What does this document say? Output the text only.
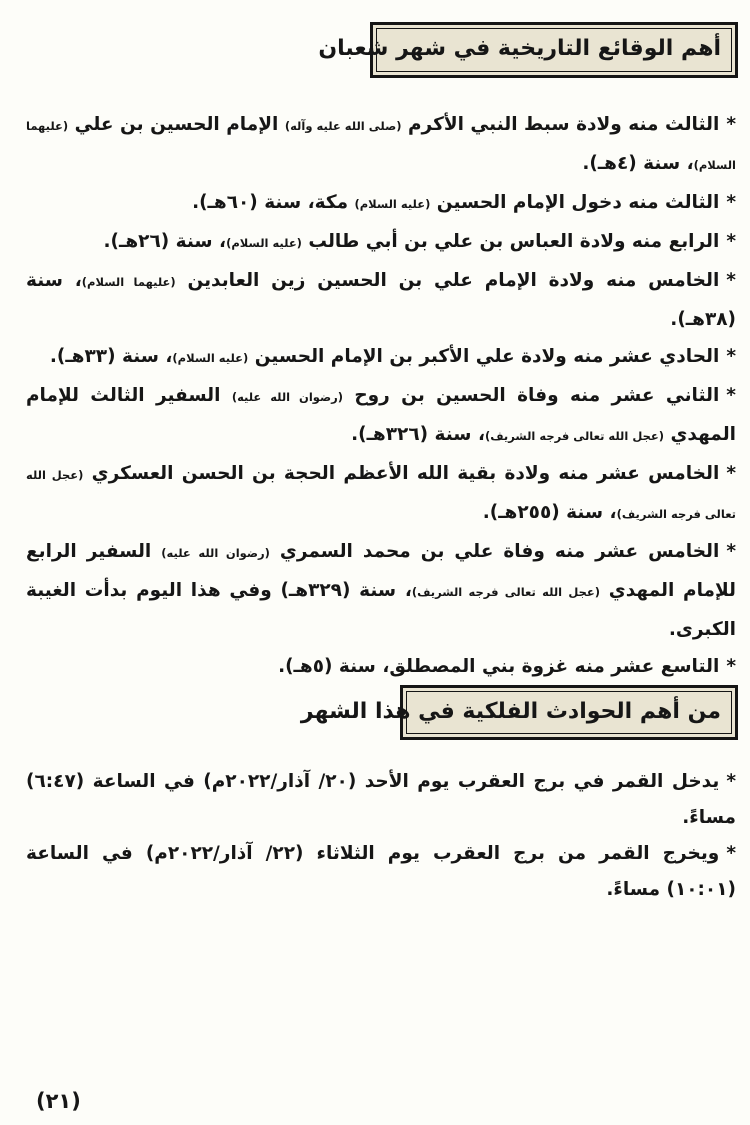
أهم الوقائع التاريخية في شهر شعبان

*الثالث منه ولادة سبط النبي الأكرم (صلى الله عليه وآله) الإمام الحسين بن علي (عليهما السلام)، سنة (٤هـ).

*الثالث منه دخول الإمام الحسين (عليه السلام) مكة، سنة (٦٠هـ).

*الرابع منه ولادة العباس بن علي بن أبي طالب (عليه السلام)، سنة (٢٦هـ).

*الخامس منه ولادة الإمام علي بن الحسين زين العابدين (عليهما السلام)، سنة (٣٨هـ).

*الحادي عشر منه ولادة علي الأكبر بن الإمام الحسين (عليه السلام)، سنة (٣٣هـ).

*الثاني عشر منه وفاة الحسين بن روح (رضوان الله عليه) السفير الثالث للإمام المهدي (عجل الله تعالى فرجه الشريف)، سنة (٣٢٦هـ).

*الخامس عشر منه ولادة بقية الله الأعظم الحجة بن الحسن العسكري (عجل الله تعالى فرجه الشريف)، سنة (٢٥٥هـ).

*الخامس عشر منه وفاة علي بن محمد السمري (رضوان الله عليه) السفير الرابع للإمام المهدي (عجل الله تعالى فرجه الشريف)، سنة (٣٢٩هـ) وفي هذا اليوم بدأت الغيبة الكبرى.

*التاسع عشر منه غزوة بني المصطلق، سنة (٥هـ).

من أهم الحوادث الفلكية في هذا الشهر

*يدخل القمر في برج العقرب يوم الأحد (٢٠/ آذار/٢٠٢٢م) في الساعة (٦:٤٧) مساءً.

*ويخرج القمر من برج العقرب يوم الثلاثاء (٢٢/ آذار/٢٠٢٢م) في الساعة (١٠:٠١) مساءً.

(٢١)
